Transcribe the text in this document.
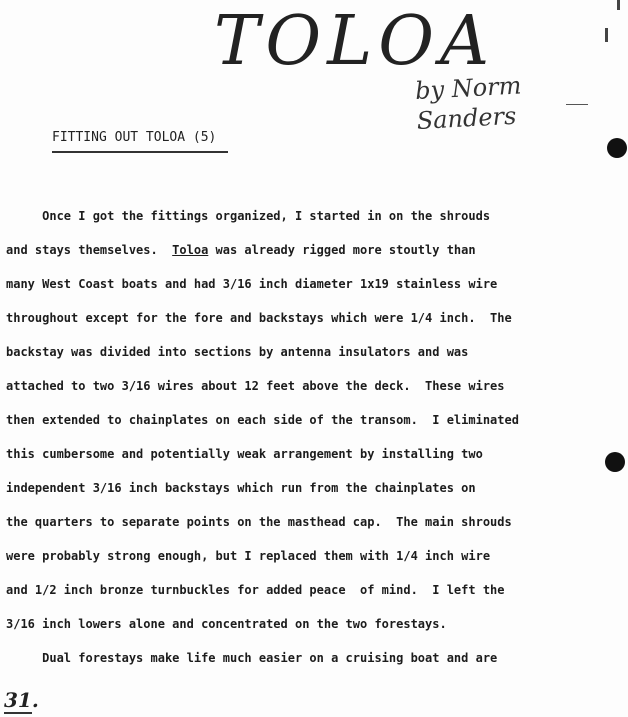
TOLOA
by Norm Sanders
FITTING OUT TOLOA (5)
Once I got the fittings organized, I started in on the shrouds
and stays themselves.  Toloa was already rigged more stoutly than
many West Coast boats and had 3/16 inch diameter 1x19 stainless wire
throughout except for the fore and backstays which were 1/4 inch.  The
backstay was divided into sections by antenna insulators and was
attached to two 3/16 wires about 12 feet above the deck.  These wires
then extended to chainplates on each side of the transom.  I eliminated
this cumbersome and potentially weak arrangement by installing two
independent 3/16 inch backstays which run from the chainplates on
the quarters to separate points on the masthead cap.  The main shrouds
were probably strong enough, but I replaced them with 1/4 inch wire
and 1/2 inch bronze turnbuckles for added peace  of mind.  I left the
3/16 inch lowers alone and concentrated on the two forestays.
Dual forestays make life much easier on a cruising boat and are
31.
